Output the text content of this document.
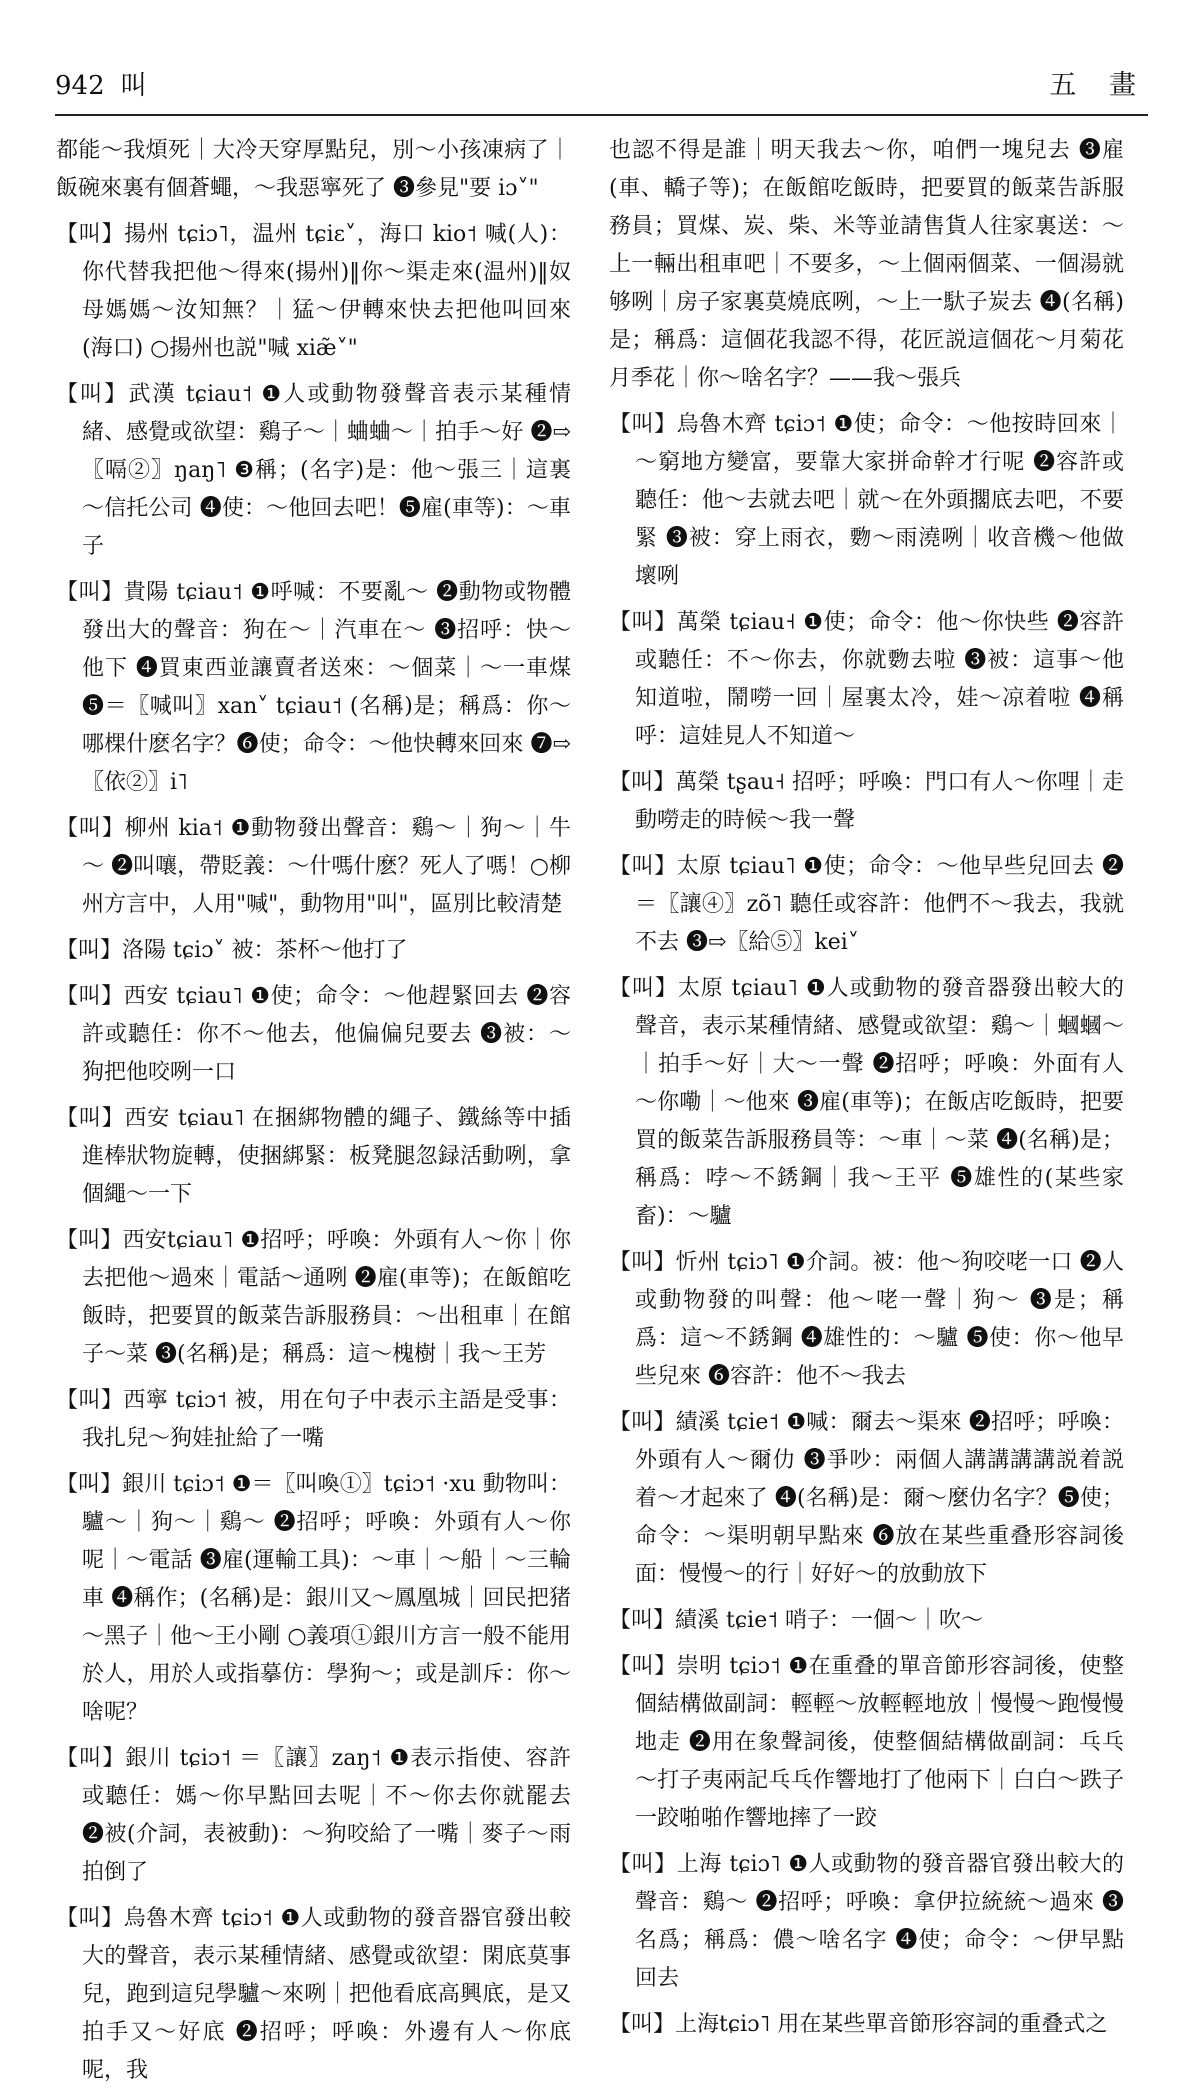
942 叫	五 畫

都能～我煩死｜大冷天穿厚點兒，別～小孩凍病了｜飯碗來裏有個蒼蠅，～我惡寧死了 ❸參見"要 iɔ˅"

【叫】揚州 tɕiɔ˥，温州 tɕiɛ˅，海口 kio˦ 喊(人)：你代替我把他～得來(揚州)‖你～渠走來(温州)‖奴母媽媽～汝知無？｜猛～伊轉來快去把他叫回來(海口) ○揚州也説"喊 xiæ̃˅"

【叫】武漢 tɕiau˦ ❶人或動物發聲音表示某種情緒、感覺或欲望：鷄子～｜蛐蛐～｜拍手～好 ❷⇨〖嗝②〗ŋaŋ˥ ❸稱；(名字)是：他～張三｜這裏～信托公司 ❹使：～他回去吧！❺雇(車等)：～車子

【叫】貴陽 tɕiau˦ ❶呼喊：不要亂～ ❷動物或物體發出大的聲音：狗在～｜汽車在～ ❸招呼：快～他下 ❹買東西並讓賣者送來：～個菜｜～一車煤 ❺＝〖喊叫〗xan˅ tɕiau˦ (名稱)是；稱爲：你～哪棵什麽名字？❻使；命令：～他快轉來回來 ❼⇨〖依②〗i˥

【叫】柳州 kia˦ ❶動物發出聲音：鷄～｜狗～｜牛～ ❷叫嚷，帶貶義：～什嗎什麽？死人了嗎！○柳州方言中，人用"喊"，動物用"叫"，區別比較清楚

【叫】洛陽 tɕiɔ˅ 被：茶杯～他打了

【叫】西安 tɕiau˥ ❶使；命令：～他趕緊回去 ❷容許或聽任：你不～他去，他偏偏兒要去 ❸被：～狗把他咬咧一口

【叫】西安 tɕiau˥ 在捆綁物體的繩子、鐵絲等中插進棒狀物旋轉，使捆綁緊：板凳腿忽録活動咧，拿個繩～一下

【叫】西安tɕiau˥ ❶招呼；呼喚：外頭有人～你｜你去把他～過來｜電話～通咧 ❷雇(車等)；在飯館吃飯時，把要買的飯菜告訴服務員：～出租車｜在館子～菜 ❸(名稱)是；稱爲：這～槐樹｜我～王芳

【叫】西寧 tɕiɔ˦ 被，用在句子中表示主語是受事：我扎兒～狗娃扯給了一嘴

【叫】銀川 tɕiɔ˦ ❶＝〖叫喚①〗tɕiɔ˦ ·xu 動物叫：驢～｜狗～｜鷄～ ❷招呼；呼喚：外頭有人～你呢｜～電話 ❸雇(運輸工具)：～車｜～船｜～三輪車 ❹稱作；(名稱)是：銀川又～鳳凰城｜回民把猪～黑子｜他～王小剛 ○義項①銀川方言一般不能用於人，用於人或指摹仿：學狗～；或是訓斥：你～啥呢？

【叫】銀川 tɕiɔ˦ ＝〖讓〗zaŋ˦ ❶表示指使、容許或聽任：媽～你早點回去呢｜不～你去你就罷去 ❷被(介詞，表被動)：～狗咬給了一嘴｜麥子～雨拍倒了

【叫】烏魯木齊 tɕiɔ˦ ❶人或動物的發音器官發出較大的聲音，表示某種情緒、感覺或欲望：閑底莫事兒，跑到這兒學驢～來咧｜把他看底高興底，是又拍手又～好底 ❷招呼；呼喚：外邊有人～你底呢，我

也認不得是誰｜明天我去～你，咱們一塊兒去 ❸雇(車、轎子等)；在飯館吃飯時，把要買的飯菜告訴服務員；買煤、炭、柴、米等並請售貨人往家裏送：～上一輛出租車吧｜不要多，～上個兩個菜、一個湯就够咧｜房子家裏莫燒底咧，～上一馱子炭去 ❹(名稱)是；稱爲：這個花我認不得，花匠説這個花～月菊花月季花｜你～啥名字？——我～張兵

【叫】烏魯木齊 tɕiɔ˦ ❶使；命令：～他按時回來｜～窮地方變富，要靠大家拼命幹才行呢 ❷容許或聽任：他～去就去吧｜就～在外頭擱底去吧，不要緊 ❸被：穿上雨衣，覅～雨澆咧｜收音機～他做壞咧

【叫】萬榮 tɕiau˧ ❶使；命令：他～你快些 ❷容許或聽任：不～你去，你就覅去啦 ❸被：這事～他知道啦，鬧嘮一回｜屋裏太冷，娃～凉着啦 ❹稱呼：這娃見人不知道～

【叫】萬榮 tʂau˧ 招呼；呼喚：門口有人～你哩｜走動嘮走的時候～我一聲

【叫】太原 tɕiau˥ ❶使；命令：～他早些兒回去 ❷＝〖讓④〗zõ˥ 聽任或容許：他們不～我去，我就不去 ❸⇨〖給⑤〗kei˅

【叫】太原 tɕiau˥ ❶人或動物的發音器發出較大的聲音，表示某種情緒、感覺或欲望：鷄～｜蟈蟈～｜拍手～好｜大～一聲 ❷招呼；呼喚：外面有人～你嘞｜～他來 ❸雇(車等)；在飯店吃飯時，把要買的飯菜告訴服務員等：～車｜～菜 ❹(名稱)是；稱爲：哱～不銹鋼｜我～王平 ❺雄性的(某些家畜)：～驢

【叫】忻州 tɕiɔ˥ ❶介詞。被：他～狗咬咾一口 ❷人或動物發的叫聲：他～咾一聲｜狗～ ❸是；稱爲：這～不銹鋼 ❹雄性的：～驢 ❺使：你～他早些兒來 ❻容許：他不～我去

【叫】績溪 tɕie˦ ❶喊：爾去～渠來 ❷招呼；呼喚：外頭有人～爾仂 ❸爭吵：兩個人講講講講説着説着～才起來了 ❹(名稱)是：爾～麼仂名字？❺使；命令：～渠明朝早點來 ❻放在某些重叠形容詞後面：慢慢～的行｜好好～的放動放下

【叫】績溪 tɕie˦ 哨子：一個～｜吹～

【叫】崇明 tɕiɔ˦ ❶在重叠的單音節形容詞後，使整個結構做副詞：輕輕～放輕輕地放｜慢慢～跑慢慢地走 ❷用在象聲詞後，使整個結構做副詞：乓乓～打子夷兩記乓乓作響地打了他兩下｜白白～跌子一跤啪啪作響地摔了一跤

【叫】上海 tɕiɔ˥ ❶人或動物的發音器官發出較大的聲音：鷄～ ❷招呼；呼喚：拿伊拉統統～過來 ❸名爲；稱爲：儂～啥名字 ❹使；命令：～伊早點回去

【叫】上海tɕiɔ˥ 用在某些單音節形容詞的重叠式之
